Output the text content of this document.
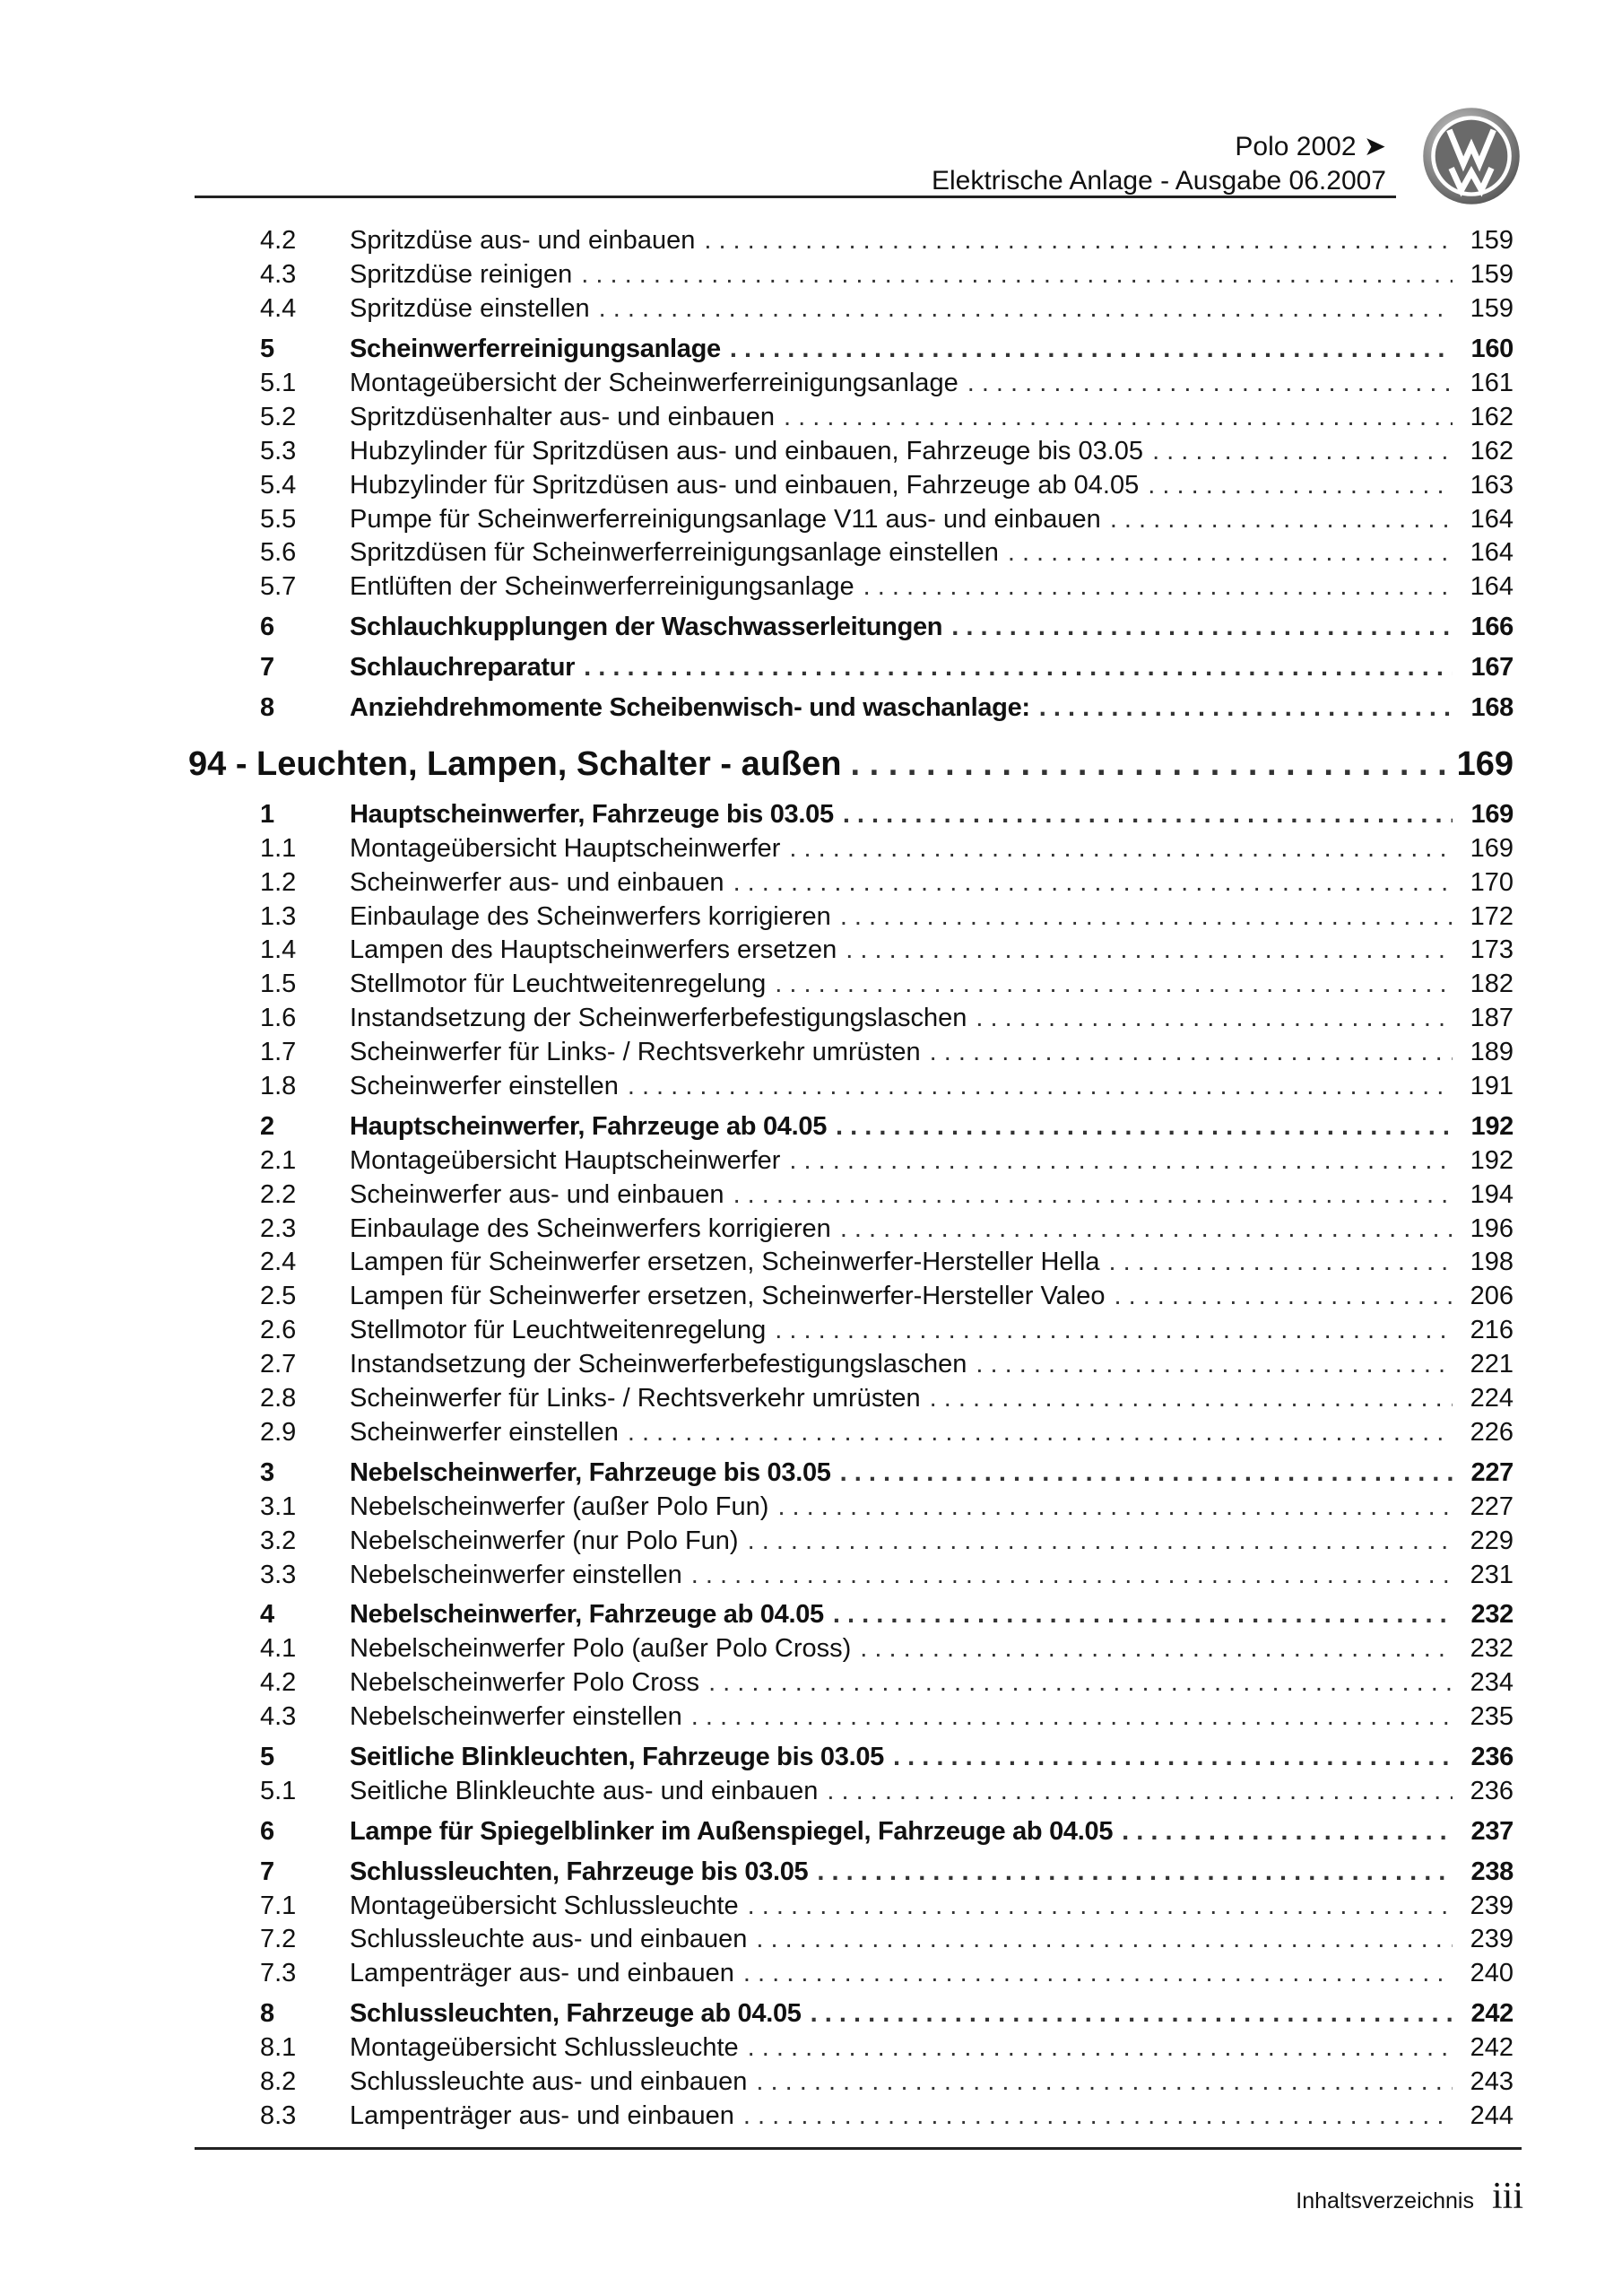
Polo 2002 ➤
Elektrische Anlage - Ausgabe 06.2007
4.2 Spritzdüse aus- und einbauen . . .	159
4.3 Spritzdüse reinigen . . .	159
4.4 Spritzdüse einstellen . . .	159
5	Scheinwerferreinigungsanlage . . .	160
5.1 Montageübersicht der Scheinwerferreinigungsanlage . . .	161
5.2 Spritzdüsenhalter aus- und einbauen . . .	162
5.3 Hubzylinder für Spritzdüsen aus- und einbauen, Fahrzeuge bis 03.05 . . .	162
5.4 Hubzylinder für Spritzdüsen aus- und einbauen, Fahrzeuge ab 04.05 . . .	163
5.5 Pumpe für Scheinwerferreinigungsanlage V11 aus- und einbauen . . .	164
5.6 Spritzdüsen für Scheinwerferreinigungsanlage einstellen . . .	164
5.7 Entlüften der Scheinwerferreinigungsanlage . . .	164
6	Schlauchkupplungen der Waschwasserleitungen . . .	166
7	Schlauchreparatur . . .	167
8	Anziehdrehmomente Scheibenwisch- und waschanlage: . . .	168
94 - Leuchten, Lampen, Schalter - außen . . .	169
1	Hauptscheinwerfer, Fahrzeuge bis 03.05 . . .	169
1.1 Montageübersicht Hauptscheinwerfer . . .	169
1.2 Scheinwerfer aus- und einbauen . . .	170
1.3 Einbaulage des Scheinwerfers korrigieren . . .	172
1.4 Lampen des Hauptscheinwerfers ersetzen . . .	173
1.5 Stellmotor für Leuchtweitenregelung . . .	182
1.6 Instandsetzung der Scheinwerferbefestigungslaschen . . .	187
1.7 Scheinwerfer für Links- / Rechtsverkehr umrüsten . . .	189
1.8 Scheinwerfer einstellen . . .	191
2	Hauptscheinwerfer, Fahrzeuge ab 04.05 . . .	192
2.1 Montageübersicht Hauptscheinwerfer . . .	192
2.2 Scheinwerfer aus- und einbauen . . .	194
2.3 Einbaulage des Scheinwerfers korrigieren . . .	196
2.4 Lampen für Scheinwerfer ersetzen, Scheinwerfer-Hersteller Hella . . .	198
2.5 Lampen für Scheinwerfer ersetzen, Scheinwerfer-Hersteller Valeo . . .	206
2.6 Stellmotor für Leuchtweitenregelung . . .	216
2.7 Instandsetzung der Scheinwerferbefestigungslaschen . . .	221
2.8 Scheinwerfer für Links- / Rechtsverkehr umrüsten . . .	224
2.9 Scheinwerfer einstellen . . .	226
3	Nebelscheinwerfer, Fahrzeuge bis 03.05 . . .	227
3.1 Nebelscheinwerfer (außer Polo Fun) . . .	227
3.2 Nebelscheinwerfer (nur Polo Fun) . . .	229
3.3 Nebelscheinwerfer einstellen . . .	231
4	Nebelscheinwerfer, Fahrzeuge ab 04.05 . . .	232
4.1 Nebelscheinwerfer Polo (außer Polo Cross) . . .	232
4.2 Nebelscheinwerfer Polo Cross . . .	234
4.3 Nebelscheinwerfer einstellen . . .	235
5	Seitliche Blinkleuchten, Fahrzeuge bis 03.05 . . .	236
5.1 Seitliche Blinkleuchte aus- und einbauen . . .	236
6	Lampe für Spiegelblinker im Außenspiegel, Fahrzeuge ab 04.05 . . .	237
7	Schlussleuchten, Fahrzeuge bis 03.05 . . .	238
7.1 Montageübersicht Schlussleuchte . . .	239
7.2 Schlussleuchte aus- und einbauen . . .	239
7.3 Lampenträger aus- und einbauen . . .	240
8	Schlussleuchten, Fahrzeuge ab 04.05 . . .	242
8.1 Montageübersicht Schlussleuchte . . .	242
8.2 Schlussleuchte aus- und einbauen . . .	243
8.3 Lampenträger aus- und einbauen . . .	244
Inhaltsverzeichnis iii
